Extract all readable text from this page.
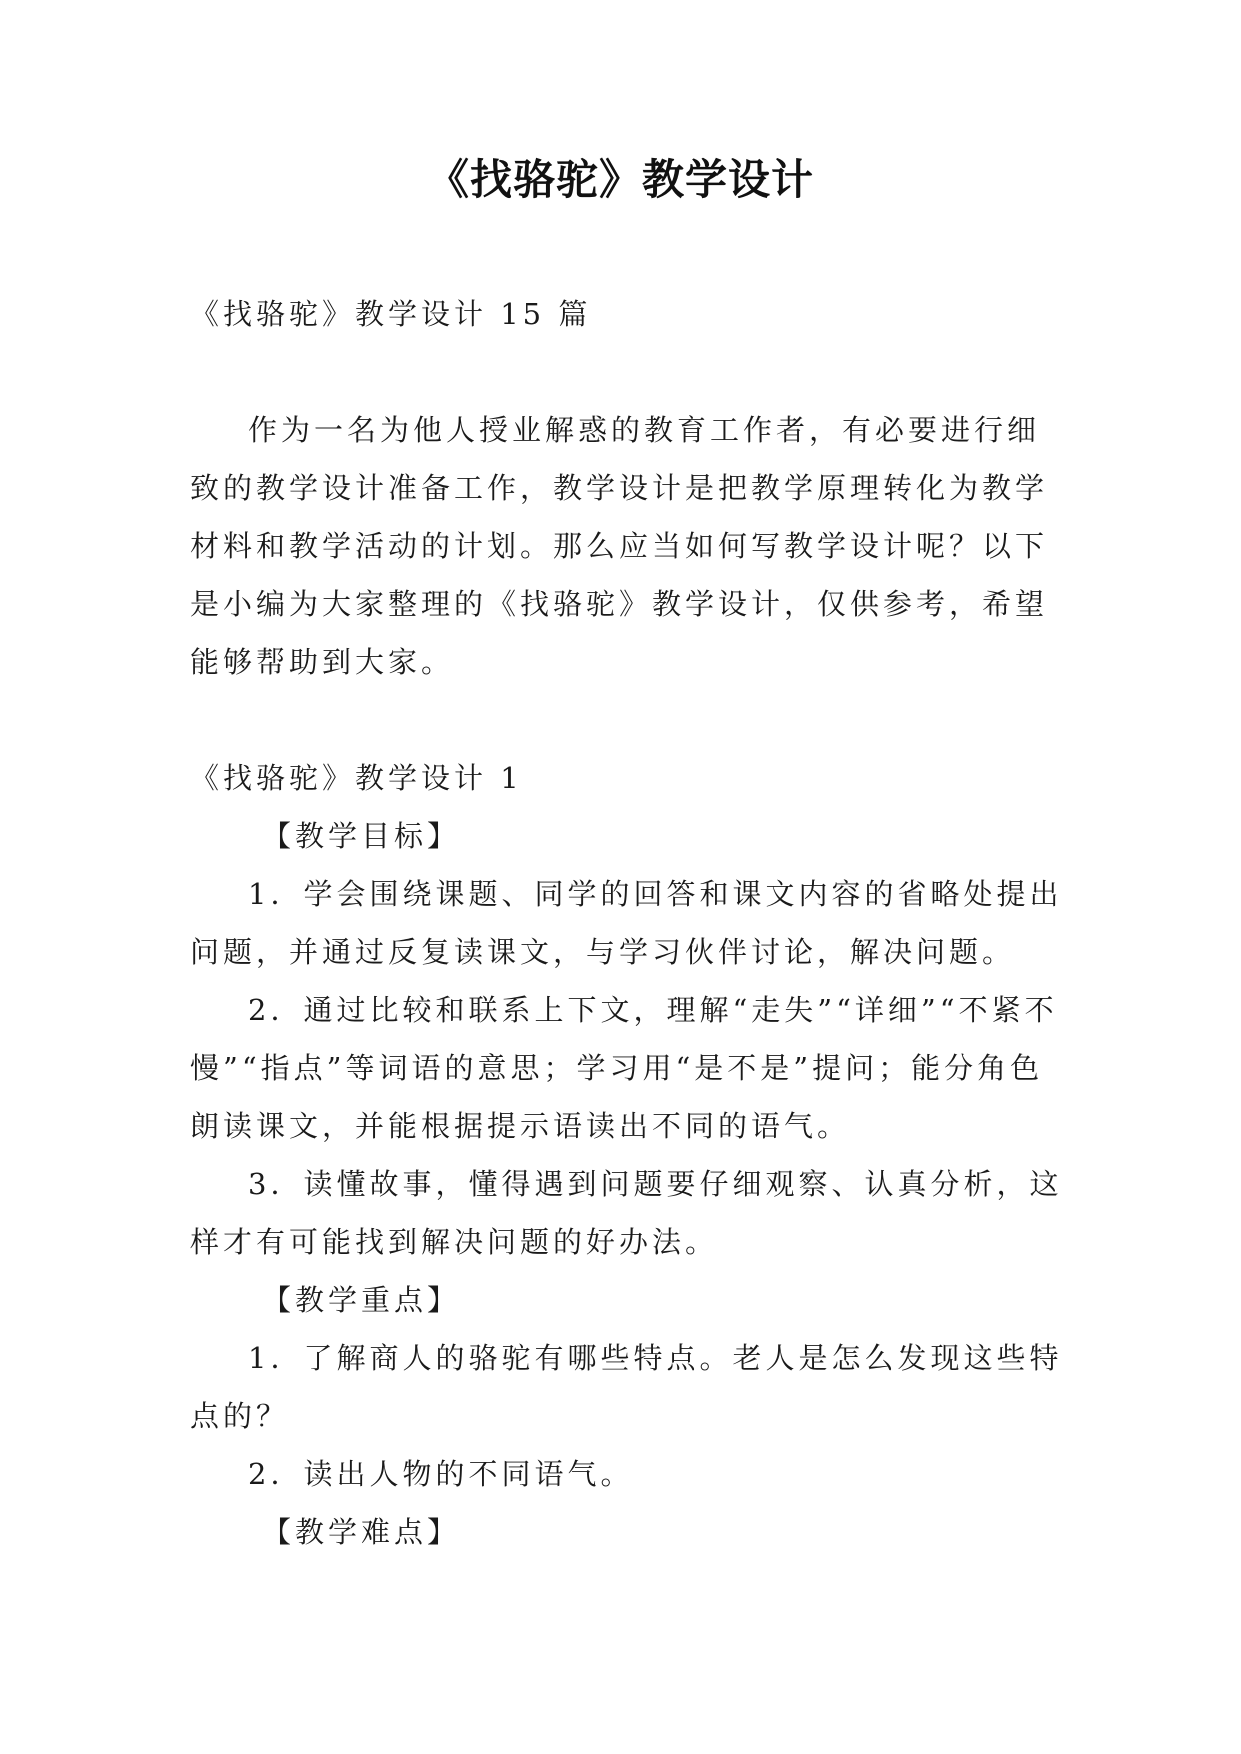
《找骆驼》教学设计

《找骆驼》教学设计 15 篇

作为一名为他人授业解惑的教育工作者，有必要进行细致的教学设计准备工作，教学设计是把教学原理转化为教学材料和教学活动的计划。那么应当如何写教学设计呢？以下是小编为大家整理的《找骆驼》教学设计，仅供参考，希望能够帮助到大家。

《找骆驼》教学设计 1

【教学目标】

1．学会围绕课题、同学的回答和课文内容的省略处提出问题，并通过反复读课文，与学习伙伴讨论，解决问题。

2．通过比较和联系上下文，理解“走失”“详细”“不紧不慢”“指点”等词语的意思；学习用“是不是”提问；能分角色朗读课文，并能根据提示语读出不同的语气。

3．读懂故事，懂得遇到问题要仔细观察、认真分析，这样才有可能找到解决问题的好办法。

【教学重点】

1．了解商人的骆驼有哪些特点。老人是怎么发现这些特点的？

2．读出人物的不同语气。

【教学难点】
